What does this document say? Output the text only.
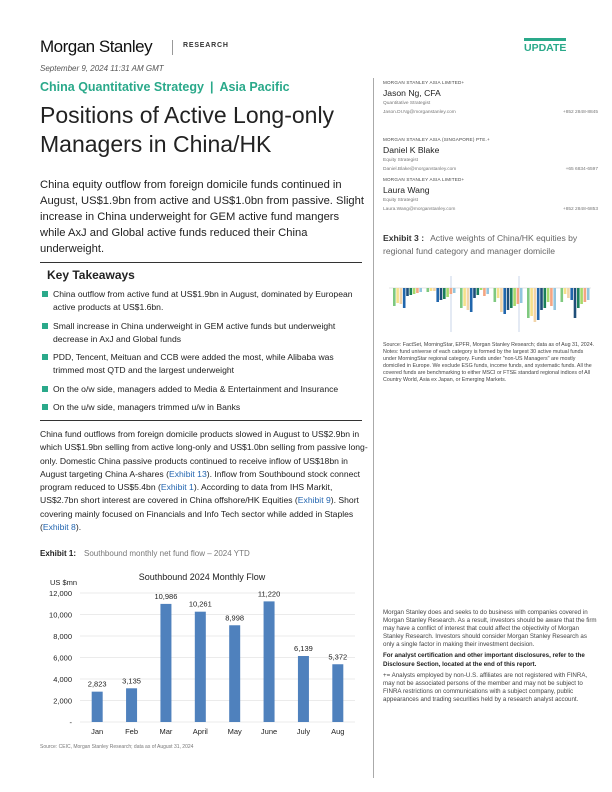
Morgan Stanley	RESEARCH	UPDATE
September 9, 2024 11:31 AM GMT
China Quantitative Strategy | Asia Pacific
Positions of Active Long-only Managers in China/HK
China equity outflow from foreign domicile funds continued in August, US$1.9bn from active and US$1.0bn from passive. Slight increase in China underweight for GEM active fund mangers while AxJ and Global active funds reduced their China underweight.
Key Takeaways
China outflow from active fund at US$1.9bn in August, dominated by European active products at US$1.6bn.
Small increase in China underweight in GEM active funds but underweight decrease in AxJ and Global funds
PDD, Tencent, Meituan and CCB were added the most, while Alibaba was trimmed most QTD and the largest underweight
On the o/w side, managers added to Media & Entertainment and Insurance
On the u/w side, managers trimmed u/w in Banks
China fund outflows from foreign domicile products slowed in August to US$2.9bn in which US$1.9bn selling from active long-only and US$1.0bn selling from passive long-only. Domestic China passive products continued to receive inflow of US$18bn in August targeting China A-shares (Exhibit 13). Inflow from Southbound stock connect program reduced to US$5.4bn (Exhibit 1). According to data from IHS Markit, US$2.7bn short interest are covered in China offshore/HK Equities (Exhibit 9). Short covering mainly focused on Financials and Info Tech sector while added in Staples (Exhibit 8).
Exhibit 1: Southbound monthly net fund flow – 2024 YTD
Southbound 2024 Monthly Flow
US $mn
-
2,000
4,000
6,000
8,000
10,000
12,000
2,823
Jan
3,135
Feb
10,986
Mar
10,261
April
8,998
May
11,220
June
6,139
July
5,372
Aug
Source: CEIC, Morgan Stanley Research; data as of August 31, 2024
MORGAN STANLEY ASIA LIMITED+
Jason Ng, CFA
Quantitative Strategist
Jason.DI.Ng@morganstanley.com	+852 2848-8845
MORGAN STANLEY ASIA (SINGAPORE) PTE.+
Daniel K Blake
Equity Strategist
Daniel.Blake@morganstanley.com	+65 6834-6597
MORGAN STANLEY ASIA LIMITED+
Laura Wang
Equity Strategist
Laura.Wang@morganstanley.com	+852 2848-6853
Exhibit 3 : Active weights of China/HK equities by regional fund category and manager domicile
Source: FactSet, MorningStar, EPFR, Morgan Stanley Research; data as of Aug 31, 2024. Notes: fund universe of each category is formed by the largest 30 active mutual funds under MorningStar regional category. Funds under "non-US Managers" are mostly domiciled in Europe. We exclude ESG funds, income funds, and systematic funds. All the covered funds are benchmarking to either MSCI or FTSE standard regional indices of All Country World, Asia ex Japan, or Emerging Markets.

Morgan Stanley does and seeks to do business with companies covered in Morgan Stanley Research. As a result, investors should be aware that the firm may have a conflict of interest that could affect the objectivity of Morgan Stanley Research. Investors should consider Morgan Stanley Research as only a single factor in making their investment decision.

For analyst certification and other important disclosures, refer to the Disclosure Section, located at the end of this report.

+= Analysts employed by non-U.S. affiliates are not registered with FINRA, may not be associated persons of the member and may not be subject to FINRA restrictions on communications with a subject company, public appearances and trading securities held by a research analyst account.
